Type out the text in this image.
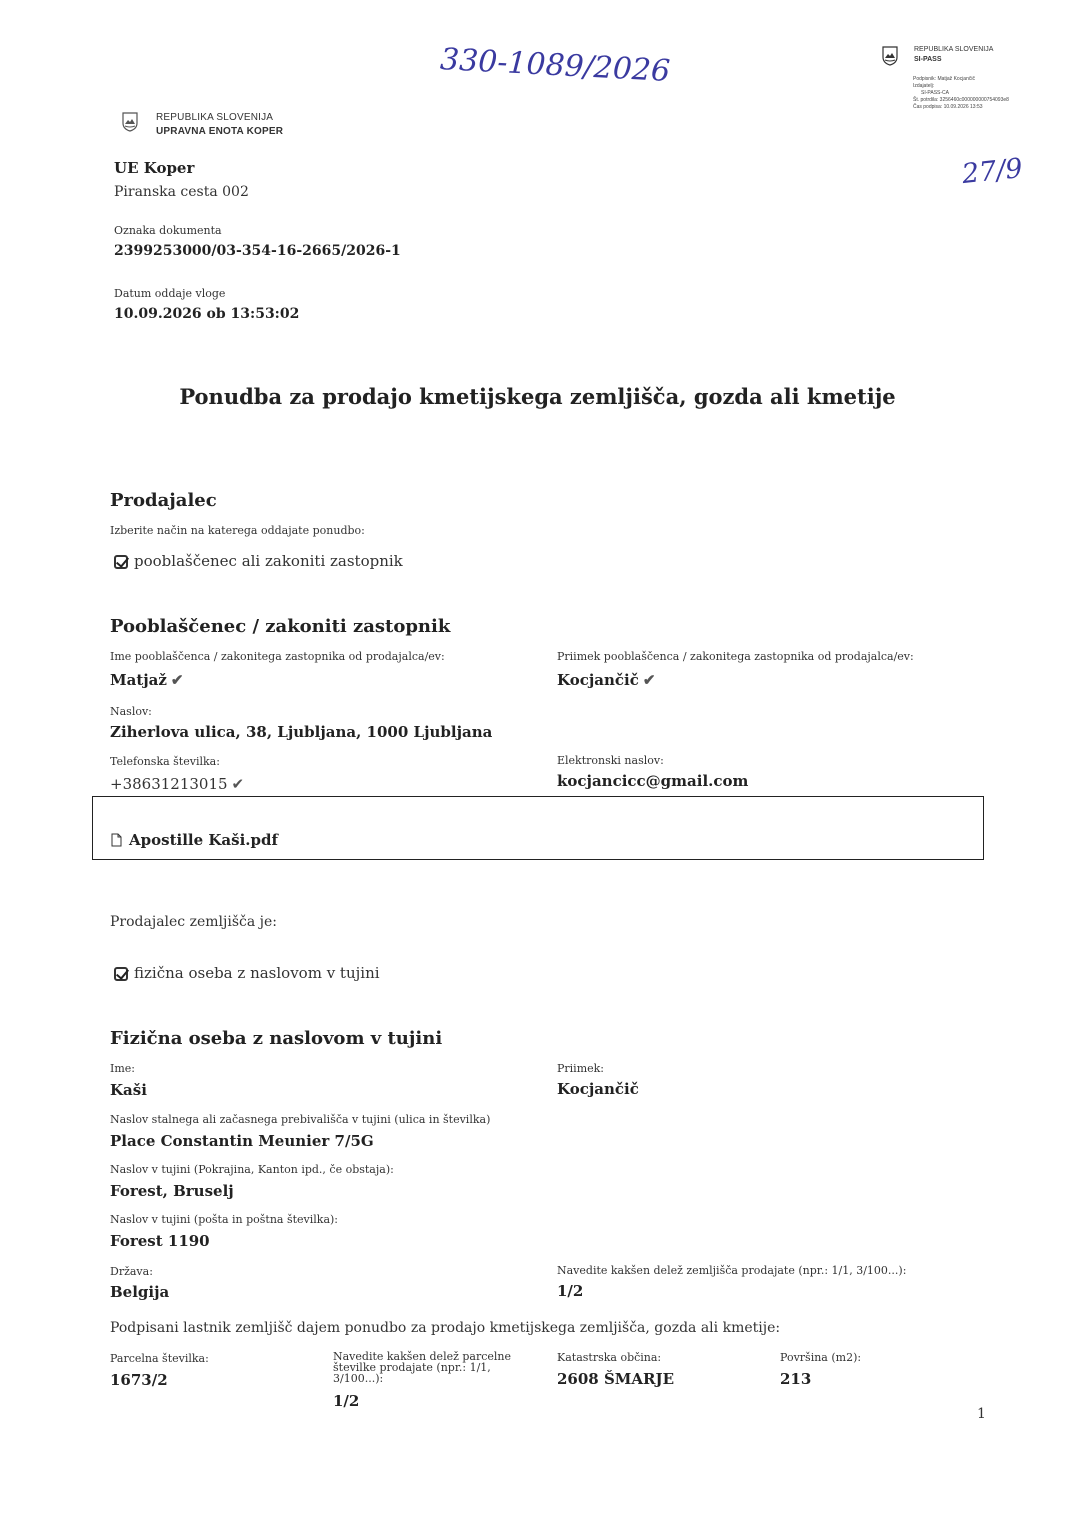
330-1089/2026
27/9
REPUBLIKA SLOVENIJA
SI-PASS
Podpisnik: Matjaž Kocjančič
Izdajatelj:
SI-PASS-CA
Št. potrdila: 3256460c000000000754093e8
Čas podpisa: 10.09.2026 13:53
REPUBLIKA SLOVENIJA
UPRAVNA ENOTA KOPER
UE Koper
Piranska cesta 002
Oznaka dokumenta
2399253000/03-354-16-2665/2026-1
Datum oddaje vloge
10.09.2026 ob 13:53:02
Ponudba za prodajo kmetijskega zemljišča, gozda ali kmetije
Prodajalec
Izberite način na katerega oddajate ponudbo:
pooblaščenec ali zakoniti zastopnik
Pooblaščenec / zakoniti zastopnik
Ime pooblaščenca / zakonitega zastopnika od prodajalca/ev:
Matjaž ✔
Priimek pooblaščenca / zakonitega zastopnika od prodajalca/ev:
Kocjančič ✔
Naslov:
Ziherlova ulica, 38, Ljubljana, 1000 Ljubljana
Telefonska številka:
+38631213015 ✔
Elektronski naslov:
kocjancicc@gmail.com
Apostille Kaši.pdf
Prodajalec zemljišča je:
fizična oseba z naslovom v tujini
Fizična oseba z naslovom v tujini
Ime:
Kaši
Priimek:
Kocjančič
Naslov stalnega ali začasnega prebivališča v tujini (ulica in številka)
Place Constantin Meunier 7/5G
Naslov v tujini (Pokrajina, Kanton ipd., če obstaja):
Forest, Bruselj
Naslov v tujini (pošta in poštna številka):
Forest 1190
Država:
Belgija
Navedite kakšen delež zemljišča prodajate (npr.: 1/1, 3/100...):
1/2
Podpisani lastnik zemljišč dajem ponudbo za prodajo kmetijskega zemljišča, gozda ali kmetije:
Parcelna številka:
1673/2
Navedite kakšen delež parcelne številke prodajate (npr.: 1/1, 3/100...):
1/2
Katastrska občina:
2608 ŠMARJE
Površina (m2):
213
1
